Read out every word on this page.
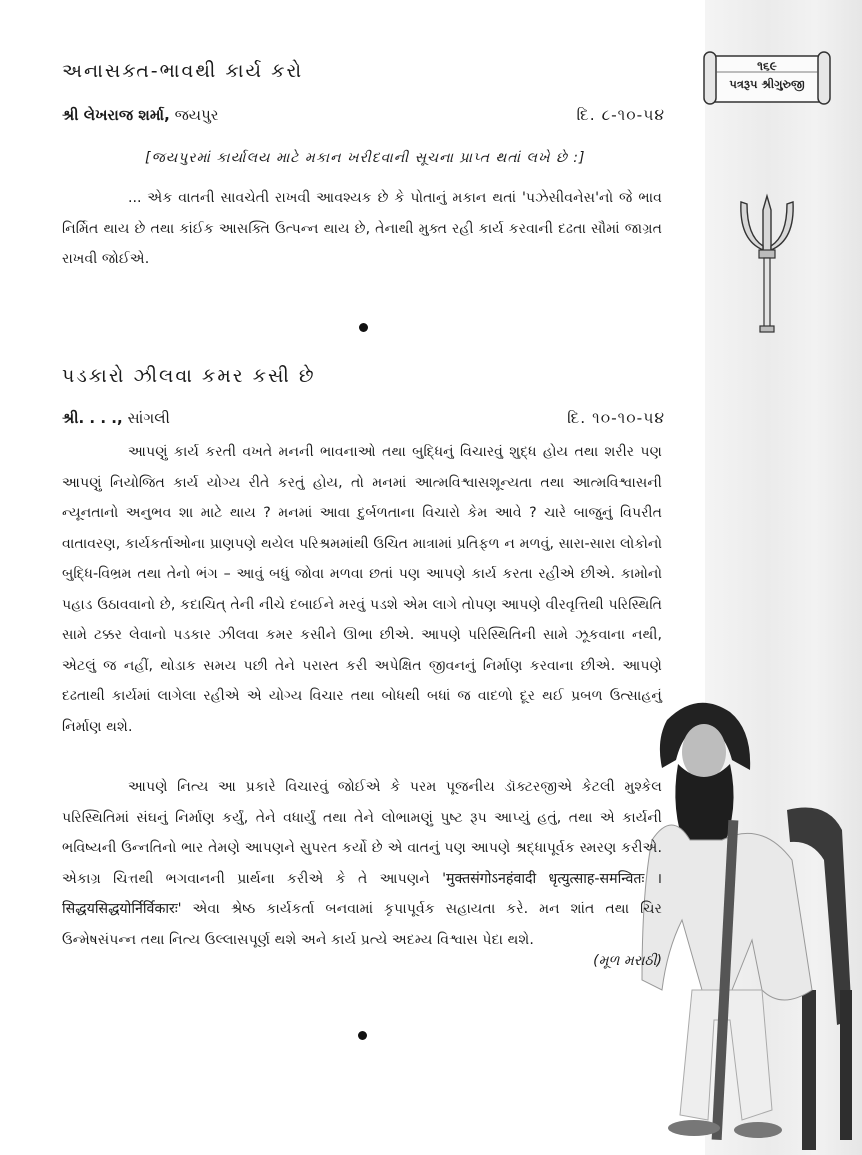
૧૬૯
પત્રરૂપ શ્રીગુરુજી
અનાસક્ત-ભાવથી કાર્ય કરો
શ્રી લેખરાજ શર્મા, જયપુર	દિ. ૮-૧૦-૫૪
[જયપુરમાં કાર્યાલય માટે મકાન ખરીદવાની સૂચના પ્રાપ્ત થતાં લખે છે :]

... એક વાતની સાવચેતી રાખવી આવશ્યક છે કે પોતાનું મકાન થતાં 'પઝેસીવનેસ'નો જે ભાવ નિર્મિત થાય છે તથા કાંઈક આસક્તિ ઉત્પન્ન થાય છે, તેનાથી મુક્ત રહી કાર્ય કરવાની દઢતા સૌમાં જાગ્રત રાખવી જોઈએ.

પડકારો ઝીલવા કમર કસી છે
શ્રી. . . ., સાંગલી	દિ. ૧૦-૧૦-૫૪

આપણું કાર્ય કરતી વખતે મનની ભાવનાઓ તથા બુદ્ધિનું વિચારવું શુદ્ધ હોય તથા શરીર પણ આપણું નિયોજિત કાર્ય યોગ્ય રીતે કરતું હોય, તો મનમાં આત્મવિશ્વાસશૂન્યતા તથા આત્મવિશ્વાસની ન્યૂનતાનો અનુભવ શા માટે થાય ? મનમાં આવા દુર્બળતાના વિચારો કેમ આવે ? ચારે બાજુનું વિપરીત વાતાવરણ, કાર્યકર્તાઓના પ્રાણપણે થયેલ પરિશ્રમમાંથી ઉચિત માત્રામાં પ્રતિફળ ન મળવું, સારા-સારા લોકોનો બુદ્ધિ-વિભ્રમ તથા તેનો ભંગ – આવું બધું જોવા મળવા છતાં પણ આપણે કાર્ય કરતા રહીએ છીએ. કામોનો પહાડ ઉઠાવવાનો છે, કદાચિત્ તેની નીચે દબાઈને મરવું પડશે એમ લાગે તોપણ આપણે વીરવૃત્તિથી પરિસ્થિતિ સામે ટક્કર લેવાનો પડકાર ઝીલવા કમર કસીને ઊભા છીએ. આપણે પરિસ્થિતિની સામે ઝૂકવાના નથી, એટલું જ નહીં, થોડાક સમય પછી તેને પરાસ્ત કરી અપેક્ષિત જીવનનું નિર્માણ કરવાના છીએ. આપણે દઢતાથી કાર્યમાં લાગેલા રહીએ એ યોગ્ય વિચાર તથા બોધથી બધાં જ વાદળો દૂર થઈ પ્રબળ ઉત્સાહનું નિર્માણ થશે.

આપણે નિત્ય આ પ્રકારે વિચારવું જોઈએ કે પરમ પૂજનીય ડૉક્ટરજીએ કેટલી મુશ્કેલ પરિસ્થિતિમાં સંઘનું નિર્માણ કર્યું, તેને વધાર્યું તથા તેને લોભામણું પુષ્ટ રૂપ આપ્યું હતું, તથા એ કાર્યની ભવિષ્યની ઉન્નતિનો ભાર તેમણે આપણને સુપરત કર્યો છે એ વાતનું પણ આપણે શ્રદ્ધાપૂર્વક સ્મરણ કરીએ. એકાગ્ર ચિત્તથી ભગવાનની પ્રાર્થના કરીએ કે તે આપણને 'मुक्तसंगोऽनहंवादी धृत्युत्साह-समन्वितः । सिद्धयसिद्धयोर्निर्विकारः' એવા શ્રેષ્ઠ કાર્યકર્તા બનવામાં કૃપાપૂર્વક સહાયતા કરે. મન શાંત તથા ચિર ઉન્મેષસંપન્ન તથા નિત્ય ઉલ્લાસપૂર્ણ થશે અને કાર્ય પ્રત્યે અદમ્ય વિશ્વાસ પેદા થશે.

(મૂળ મરાઠી)
